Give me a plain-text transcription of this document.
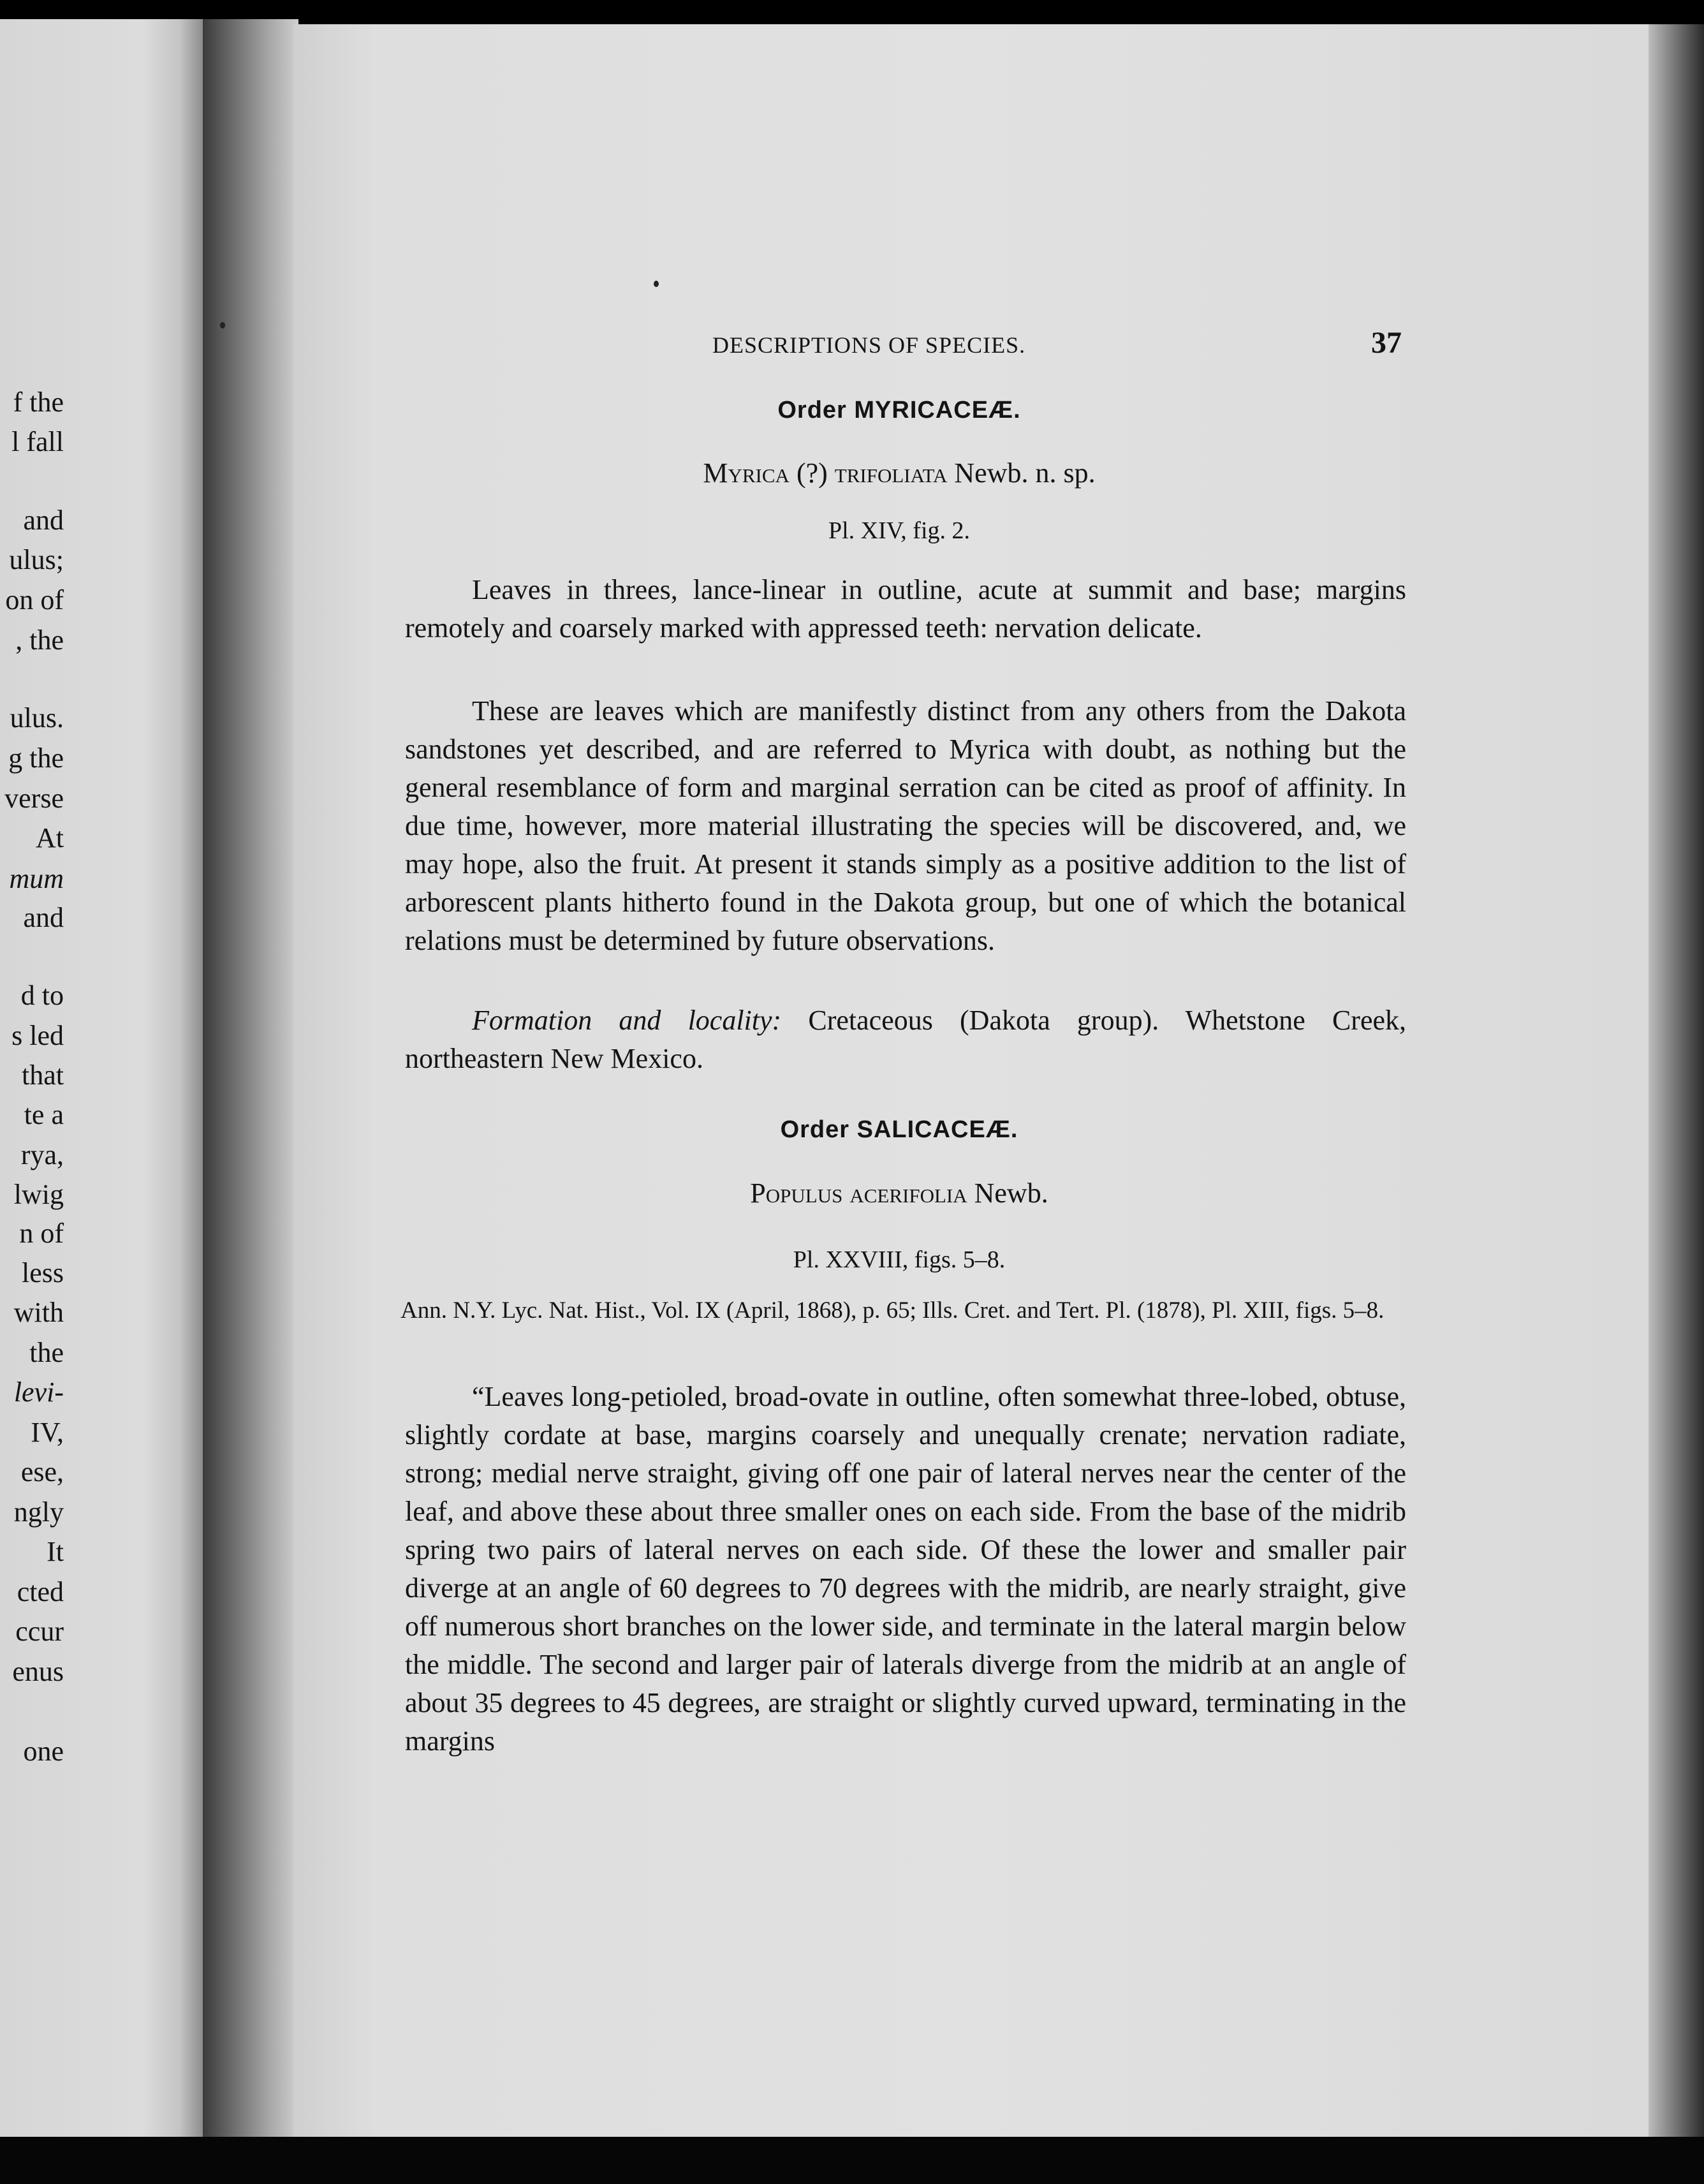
f the
l fall
and
ulus;
on of
, the
ulus.
g the
verse
At
mum
and
d to
s led
that
te a
rya,
lwig
n of
less
with
the
levi-
IV,
ese,
ngly
It
cted
ccur
enus
one
DESCRIPTIONS OF SPECIES.	37
Order MYRICACEÆ.
Myrica (?) trifoliata Newb. n. sp.
Pl. XIV, fig. 2.

Leaves in threes, lance-linear in outline, acute at summit and base; margins remotely and coarsely marked with appressed teeth: nervation delicate.

These are leaves which are manifestly distinct from any others from the Dakota sandstones yet described, and are referred to Myrica with doubt, as nothing but the general resemblance of form and marginal serration can be cited as proof of affinity. In due time, however, more material illustrating the species will be discovered, and, we may hope, also the fruit. At present it stands simply as a positive addition to the list of arborescent plants hitherto found in the Dakota group, but one of which the botanical relations must be determined by future observations.

Formation and locality: Cretaceous (Dakota group). Whetstone Creek, northeastern New Mexico.

Order SALICACEÆ.
Populus acerifolia Newb.
Pl. XXVIII, figs. 5–8.

Ann. N.Y. Lyc. Nat. Hist., Vol. IX (April, 1868), p. 65; Ills. Cret. and Tert. Pl. (1878), Pl. XIII, figs. 5–8.

“Leaves long-petioled, broad-ovate in outline, often somewhat three-lobed, obtuse, slightly cordate at base, margins coarsely and unequally crenate; nervation radiate, strong; medial nerve straight, giving off one pair of lateral nerves near the center of the leaf, and above these about three smaller ones on each side. From the base of the midrib spring two pairs of lateral nerves on each side. Of these the lower and smaller pair diverge at an angle of 60 degrees to 70 degrees with the midrib, are nearly straight, give off numerous short branches on the lower side, and terminate in the lateral margin below the middle. The second and larger pair of laterals diverge from the midrib at an angle of about 35 degrees to 45 degrees, are straight or slightly curved upward, terminating in the margins
